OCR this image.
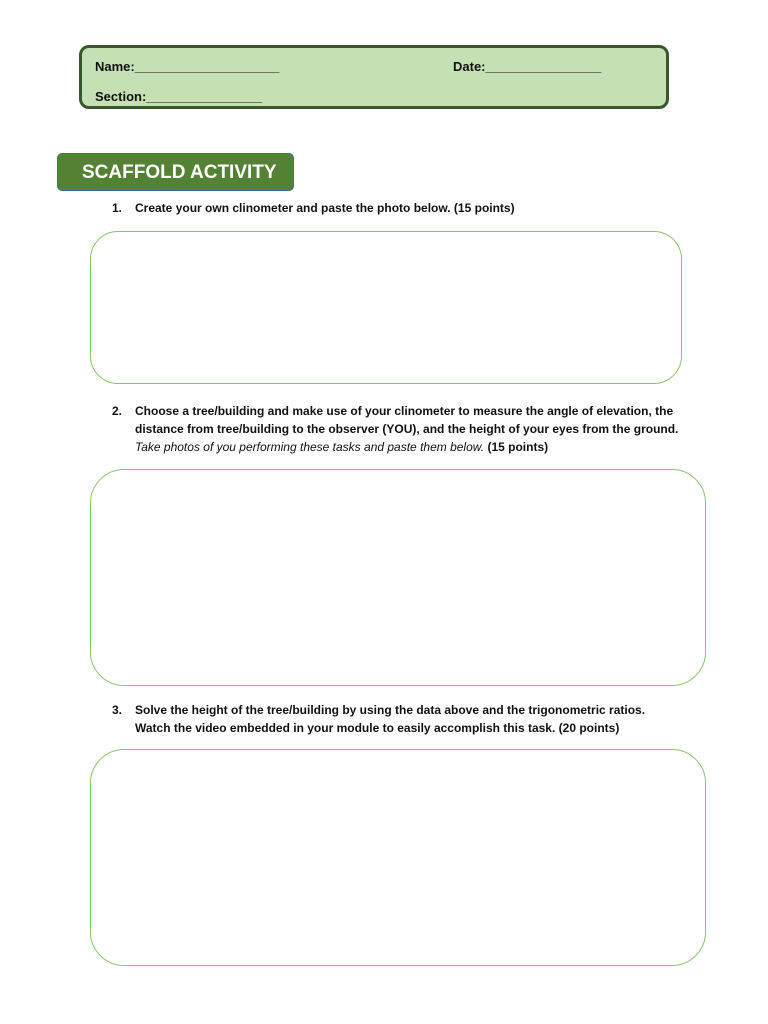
Name:____________________	Date:________________
Section:________________
SCAFFOLD ACTIVITY
1. Create your own clinometer and paste the photo below. (15 points)
2. Choose a tree/building and make use of your clinometer to measure the angle of elevation, the
distance from tree/building to the observer (YOU), and the height of your eyes from the ground.
Take photos of you performing these tasks and paste them below. (15 points)
3. Solve the height of the tree/building by using the data above and the trigonometric ratios.
Watch the video embedded in your module to easily accomplish this task. (20 points)
